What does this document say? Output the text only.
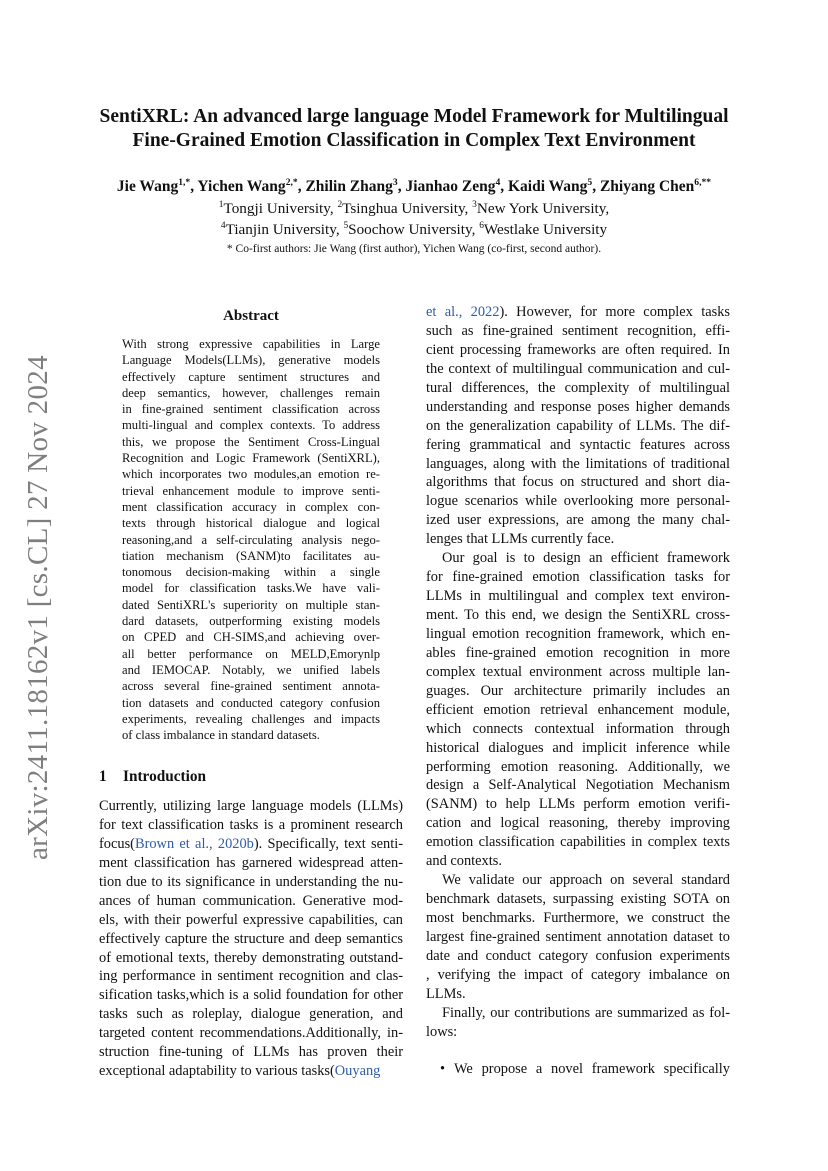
arXiv:2411.18162v1 [cs.CL] 27 Nov 2024
SentiXRL: An advanced large language Model Framework for Multilingual
Fine-Grained Emotion Classification in Complex Text Environment
Jie Wang$^{1,*}$, Yichen Wang$^{2,*}$, Zhilin Zhang$^3$, Jianhao Zeng$^4$, Kaidi Wang$^5$, Zhiyang Chen$^{6,**}$
$^1$Tongji University, $^2$Tsinghua University, $^3$New York University,
$^4$Tianjin University, $^5$Soochow University, $^6$Westlake University
* Co-first authors: Jie Wang (first author), Yichen Wang (co-first, second author).
Abstract
With strong expressive capabilities in Large
Language Models(LLMs), generative models
effectively capture sentiment structures and
deep semantics, however, challenges remain
in fine-grained sentiment classification across
multi-lingual and complex contexts. To address
this, we propose the Sentiment Cross-Lingual
Recognition and Logic Framework (SentiXRL),
which incorporates two modules,an emotion re-
trieval enhancement module to improve senti-
ment classification accuracy in complex con-
texts through historical dialogue and logical
reasoning,and a self-circulating analysis nego-
tiation mechanism (SANM)to facilitates au-
tonomous decision-making within a single
model for classification tasks.We have vali-
dated SentiXRL's superiority on multiple stan-
dard datasets, outperforming existing models
on CPED and CH-SIMS,and achieving over-
all better performance on MELD,Emorynlp
and IEMOCAP. Notably, we unified labels
across several fine-grained sentiment annota-
tion datasets and conducted category confusion
experiments, revealing challenges and impacts
of class imbalance in standard datasets.
1 Introduction
Currently, utilizing large language models (LLMs)
for text classification tasks is a prominent research
focus(Brown et al., 2020b). Specifically, text senti-
ment classification has garnered widespread atten-
tion due to its significance in understanding the nu-
ances of human communication. Generative mod-
els, with their powerful expressive capabilities, can
effectively capture the structure and deep semantics
of emotional texts, thereby demonstrating outstand-
ing performance in sentiment recognition and clas-
sification tasks,which is a solid foundation for other
tasks such as roleplay, dialogue generation, and
targeted content recommendations.Additionally, in-
struction fine-tuning of LLMs has proven their
exceptional adaptability to various tasks(Ouyang
et al., 2022). However, for more complex tasks
such as fine-grained sentiment recognition, effi-
cient processing frameworks are often required. In
the context of multilingual communication and cul-
tural differences, the complexity of multilingual
understanding and response poses higher demands
on the generalization capability of LLMs. The dif-
fering grammatical and syntactic features across
languages, along with the limitations of traditional
algorithms that focus on structured and short dia-
logue scenarios while overlooking more personal-
ized user expressions, are among the many chal-
lenges that LLMs currently face.
Our goal is to design an efficient framework
for fine-grained emotion classification tasks for
LLMs in multilingual and complex text environ-
ment. To this end, we design the SentiXRL cross-
lingual emotion recognition framework, which en-
ables fine-grained emotion recognition in more
complex textual environment across multiple lan-
guages. Our architecture primarily includes an
efficient emotion retrieval enhancement module,
which connects contextual information through
historical dialogues and implicit inference while
performing emotion reasoning. Additionally, we
design a Self-Analytical Negotiation Mechanism
(SANM) to help LLMs perform emotion verifi-
cation and logical reasoning, thereby improving
emotion classification capabilities in complex texts
and contexts.
We validate our approach on several standard
benchmark datasets, surpassing existing SOTA on
most benchmarks. Furthermore, we construct the
largest fine-grained sentiment annotation dataset to
date and conduct category confusion experiments
, verifying the impact of category imbalance on
LLMs.
Finally, our contributions are summarized as fol-
lows:
• We propose a novel framework specifically
